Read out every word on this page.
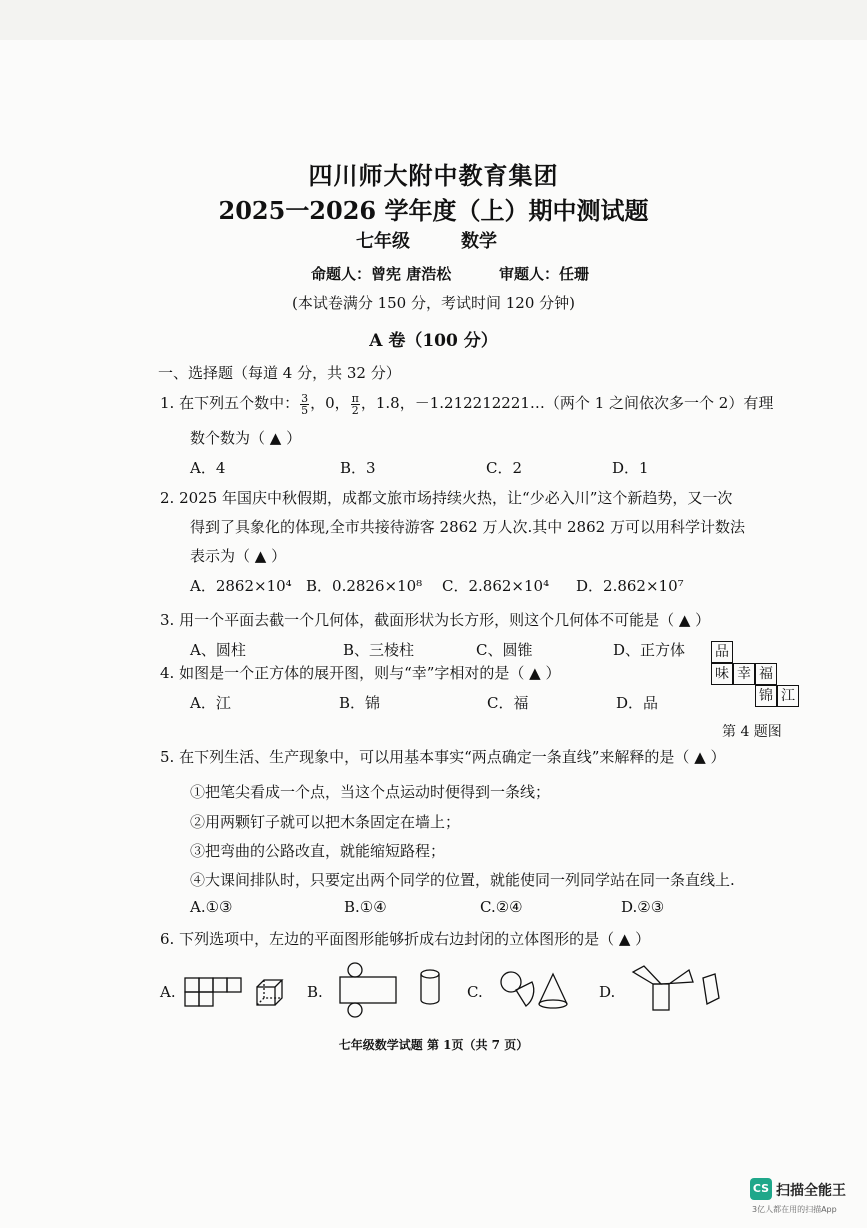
四川师大附中教育集团
2025一2026 学年度（上）期中测试题
七年级	数学
命题人：曾宪 唐浩松	审题人：任珊
(本试卷满分 150 分，考试时间 120 分钟)
A 卷（100 分）
一、选择题（每道 4 分，共 32 分）
1. 在下列五个数中： $\frac{3}{5}$ ，0， $\frac{\pi}{2}$ ，1.8，－1.212212221…（两个 1 之间依次多一个 2）有理
数个数为（ ▲ ）
A．4	B．3	C．2	D．1
2. 2025 年国庆中秋假期，成都文旅市场持续火热，让“少必入川”这个新趋势，又一次
得到了具象化的体现,全市共接待游客 2862 万人次.其中 2862 万可以用科学计数法
表示为（ ▲ ）
A．2862×10⁴ B．0.2826×10⁸ C．2.862×10⁴ D．2.862×10⁷
3. 用一个平面去截一个几何体，截面形状为长方形，则这个几何体不可能是（ ▲ ）
A、圆柱	B、三棱柱	C、圆锥	D、正方体
4. 如图是一个正方体的展开图，则与“幸”字相对的是（ ▲ ）
A．江	B．锦	C．福	D．品
品
味 幸 福
锦 江
第 4 题图
5. 在下列生活、生产现象中，可以用基本事实“两点确定一条直线”来解释的是（ ▲ ）
①把笔尖看成一个点，当这个点运动时便得到一条线；
②用两颗钉子就可以把木条固定在墙上；
③把弯曲的公路改直，就能缩短路程；
④大课间排队时，只要定出两个同学的位置，就能使同一列同学站在同一条直线上.
A.①③	B.①④	C.②④	D.②③
6. 下列选项中，左边的平面图形能够折成右边封闭的立体图形的是（ ▲ ）
A.	B.	C.	D.
七年级数学试题 第 1页（共 7 页）
CS 扫描全能王
3亿人都在用的扫描App
